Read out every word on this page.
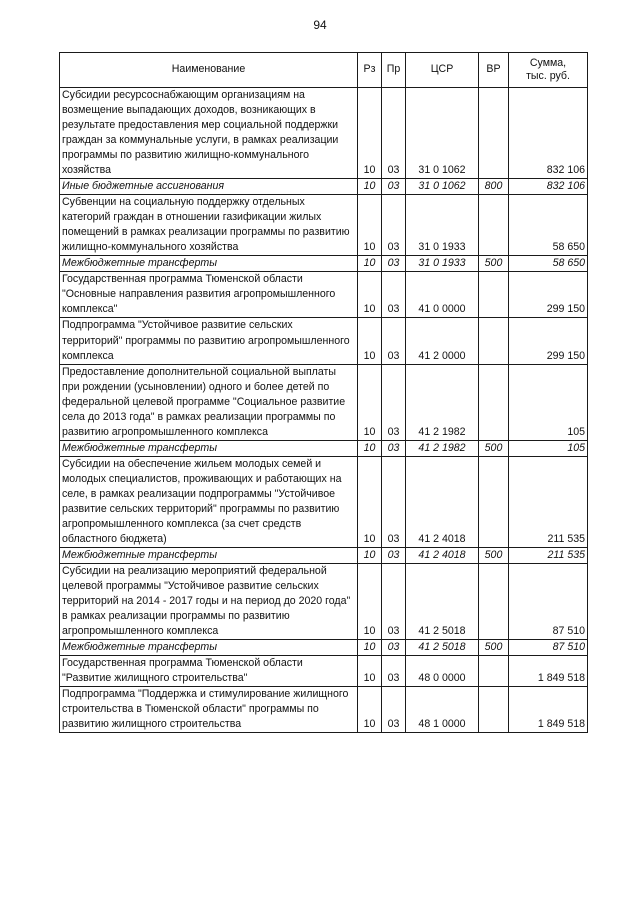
94
Наименование	Рз	Пр	ЦСР	ВР	Сумма,
тыс. руб.
Субсидии ресурсоснабжающим организациям на возмещение выпадающих доходов, возникающих в результате предоставления мер социальной поддержки граждан за коммунальные услуги, в рамках реализации программы по развитию жилищно-коммунального хозяйства	10	03	31 0 1062		832 106
Иные бюджетные ассигнования	10	03	31 0 1062	800	832 106
Субвенции на социальную поддержку отдельных категорий граждан в отношении газификации жилых помещений в рамках реализации программы по развитию жилищно-коммунального хозяйства	10	03	31 0 1933		58 650
Межбюджетные трансферты	10	03	31 0 1933	500	58 650
Государственная программа Тюменской области "Основные направления развития агропромышленного комплекса"	10	03	41 0 0000		299 150
Подпрограмма "Устойчивое развитие сельских территорий" программы по развитию агропромышленного комплекса	10	03	41 2 0000		299 150
Предоставление дополнительной социальной выплаты при рождении (усыновлении) одного и более детей по федеральной целевой программе "Социальное развитие села до 2013 года" в рамках реализации программы по развитию агропромышленного комплекса	10	03	41 2 1982		105
Межбюджетные трансферты	10	03	41 2 1982	500	105
Субсидии на обеспечение жильем молодых семей и молодых специалистов, проживающих и работающих на селе, в рамках реализации подпрограммы "Устойчивое развитие сельских территорий" программы по развитию агропромышленного комплекса (за счет средств областного бюджета)	10	03	41 2 4018		211 535
Межбюджетные трансферты	10	03	41 2 4018	500	211 535
Субсидии на реализацию мероприятий федеральной целевой программы "Устойчивое развитие сельских территорий на 2014 - 2017 годы и на период до 2020 года" в рамках реализации программы по развитию агропромышленного комплекса	10	03	41 2 5018		87 510
Межбюджетные трансферты	10	03	41 2 5018	500	87 510
Государственная программа Тюменской области "Развитие жилищного строительства"	10	03	48 0 0000		1 849 518
Подпрограмма "Поддержка и стимулирование жилищного строительства в Тюменской области" программы по развитию жилищного строительства	10	03	48 1 0000		1 849 518
